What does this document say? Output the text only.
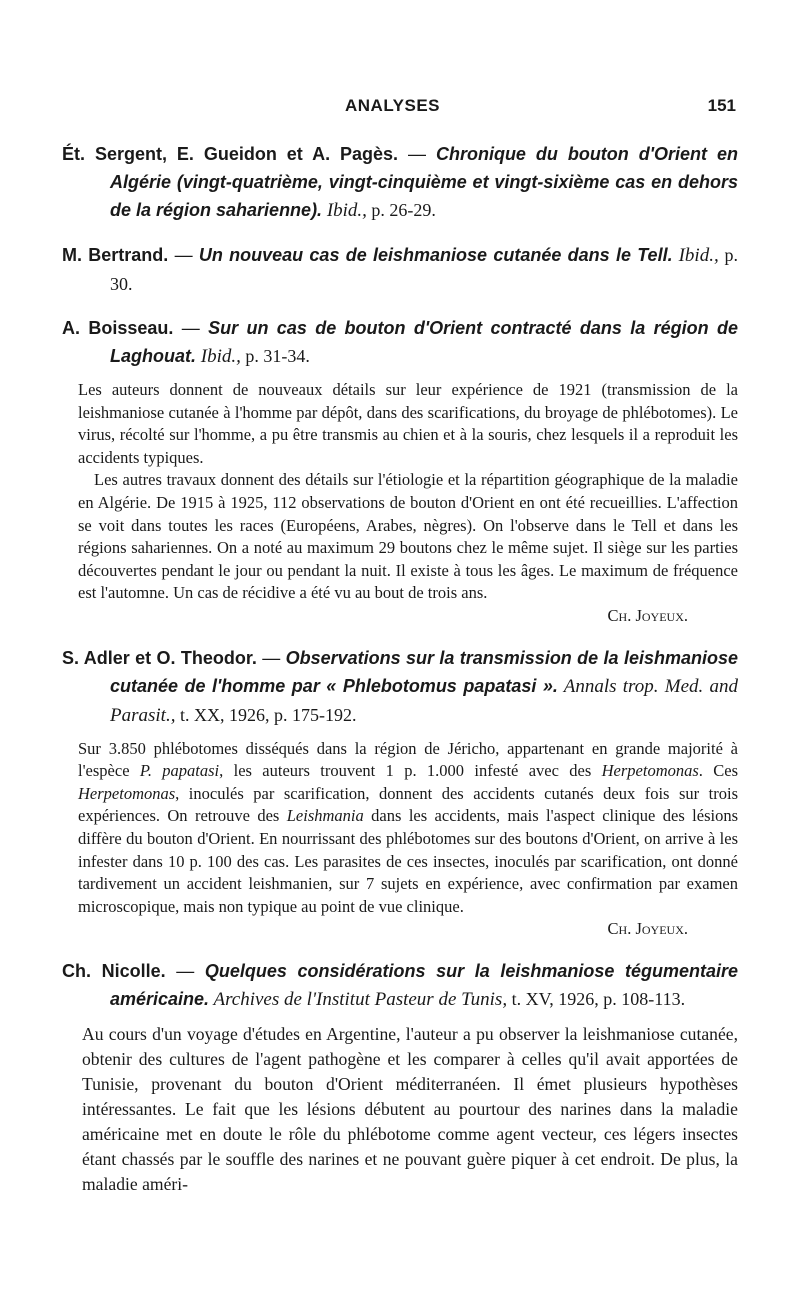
ANALYSES	151
Ét. Sergent, E. Gueidon et A. Pagès. — Chronique du bouton d'Orient en Algérie (vingt-quatrième, vingt-cinquième et vingt-sixième cas en dehors de la région saharienne). Ibid., p. 26-29.
M. Bertrand. — Un nouveau cas de leishmaniose cutanée dans le Tell. Ibid., p. 30.
A. Boisseau. — Sur un cas de bouton d'Orient contracté dans la région de Laghouat. Ibid., p. 31-34.

Les auteurs donnent de nouveaux détails sur leur expérience de 1921 (transmission de la leishmaniose cutanée à l'homme par dépôt, dans des scarifications, du broyage de phlébotomes). Le virus, récolté sur l'homme, a pu être transmis au chien et à la souris, chez lesquels il a reproduit les accidents typiques.

Les autres travaux donnent des détails sur l'étiologie et la répartition géographique de la maladie en Algérie. De 1915 à 1925, 112 observations de bouton d'Orient en ont été recueillies. L'affection se voit dans toutes les races (Européens, Arabes, nègres). On l'observe dans le Tell et dans les régions sahariennes. On a noté au maximum 29 boutons chez le même sujet. Il siège sur les parties découvertes pendant le jour ou pendant la nuit. Il existe à tous les âges. Le maximum de fréquence est l'automne. Un cas de récidive a été vu au bout de trois ans.

Ch. Joyeux.
S. Adler et O. Theodor. — Observations sur la transmission de la leishmaniose cutanée de l'homme par « Phlebotomus papatasi ». Annals trop. Med. and Parasit., t. XX, 1926, p. 175-192.

Sur 3.850 phlébotomes disséqués dans la région de Jéricho, appartenant en grande majorité à l'espèce P. papatasi, les auteurs trouvent 1 p. 1.000 infesté avec des Herpetomonas. Ces Herpetomonas, inoculés par scarification, donnent des accidents cutanés deux fois sur trois expériences. On retrouve des Leishmania dans les accidents, mais l'aspect clinique des lésions diffère du bouton d'Orient. En nourrissant des phlébotomes sur des boutons d'Orient, on arrive à les infester dans 10 p. 100 des cas. Les parasites de ces insectes, inoculés par scarification, ont donné tardivement un accident leishmanien, sur 7 sujets en expérience, avec confirmation par examen microscopique, mais non typique au point de vue clinique.

Ch. Joyeux.
Ch. Nicolle. — Quelques considérations sur la leishmaniose tégumentaire américaine. Archives de l'Institut Pasteur de Tunis, t. XV, 1926, p. 108-113.

Au cours d'un voyage d'études en Argentine, l'auteur a pu observer la leishmaniose cutanée, obtenir des cultures de l'agent pathogène et les comparer à celles qu'il avait apportées de Tunisie, provenant du bouton d'Orient méditerranéen. Il émet plusieurs hypothèses intéressantes. Le fait que les lésions débutent au pourtour des narines dans la maladie américaine met en doute le rôle du phlébotome comme agent vecteur, ces légers insectes étant chassés par le souffle des narines et ne pouvant guère piquer à cet endroit. De plus, la maladie améri-
